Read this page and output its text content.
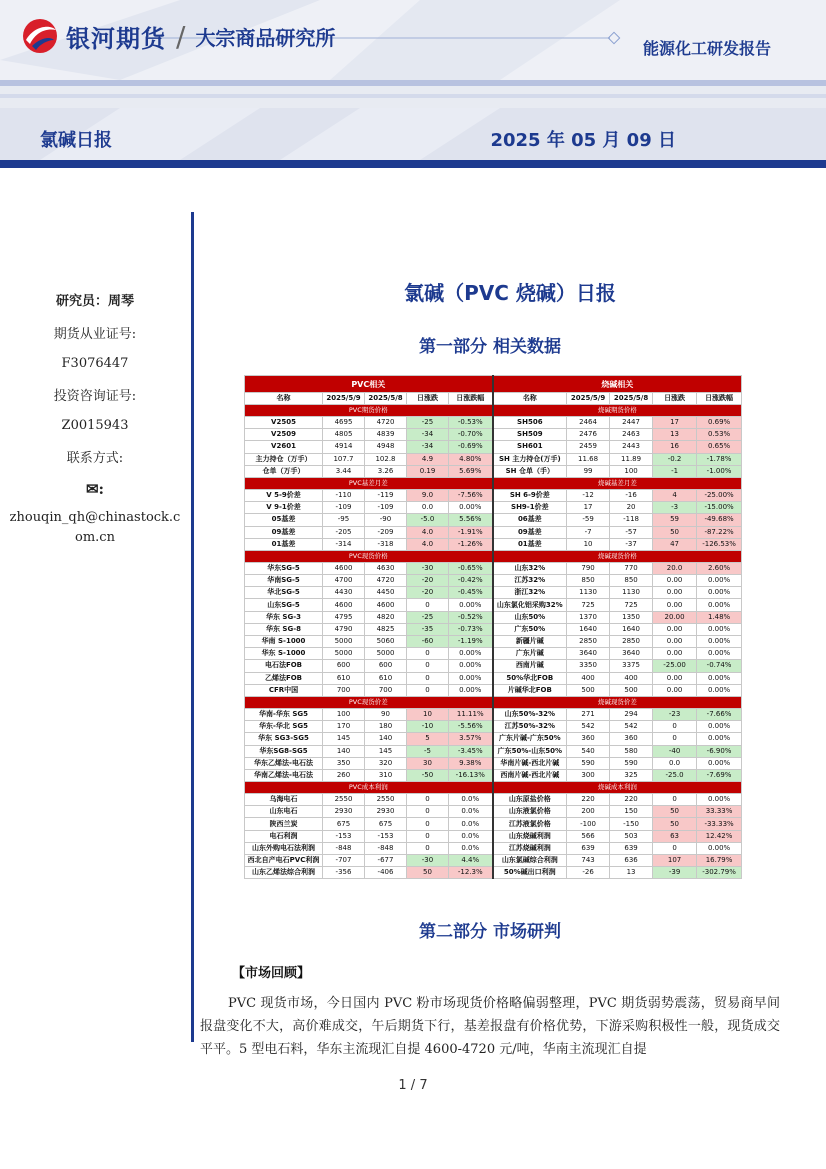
银河期货 / 大宗商品研究所	能源化工研发报告
氯碱日报	2025 年 05 月 09 日
研究员：周琴
期货从业证号:
F3076447
投资咨询证号:
Z0015943
联系方式:
✉:
zhouqin_qh@chinastock.com.cn
氯碱（PVC 烧碱）日报
第一部分 相关数据
PVC相关					烧碱相关				
名称	2025/5/9	2025/5/8	日涨跌	日涨跌幅	名称	2025/5/9	2025/5/8	日涨跌	日涨跌幅
PVC期货价格					烧碱期货价格				
V2505	4695	4720	-25	-0.53%	SH506	2464	2447	17	0.69%
V2509	4805	4839	-34	-0.70%	SH509	2476	2463	13	0.53%
V2601	4914	4948	-34	-0.69%	SH601	2459	2443	16	0.65%
主力持仓（万手）	107.7	102.8	4.9	4.80%	SH 主力持仓(万手)	11.68	11.89	-0.2	-1.78%
仓单（万手）	3.44	3.26	0.19	5.69%	SH 仓单（手）	99	100	-1	-1.00%
PVC基差月差					烧碱基差月差				
V 5-9价差	-110	-119	9.0	-7.56%	SH 6-9价差	-12	-16	4	-25.00%
V 9-1价差	-109	-109	0.0	0.00%	SH9-1价差	17	20	-3	-15.00%
05基差	-95	-90	-5.0	5.56%	06基差	-59	-118	59	-49.68%
09基差	-205	-209	4.0	-1.91%	09基差	-7	-57	50	-87.22%
01基差	-314	-318	4.0	-1.26%	01基差	10	-37	47	-126.53%
PVC现货价格					烧碱现货价格				
华东SG-5	4600	4630	-30	-0.65%	山东32%	790	770	20.0	2.60%
华南SG-5	4700	4720	-20	-0.42%	江苏32%	850	850	0.00	0.00%
华北SG-5	4430	4450	-20	-0.45%	浙江32%	1130	1130	0.00	0.00%
山东SG-5	4600	4600	0	0.00%	山东氯化铝采购32%	725	725	0.00	0.00%
华东 SG-3	4795	4820	-25	-0.52%	山东50%	1370	1350	20.00	1.48%
华东 SG-8	4790	4825	-35	-0.73%	广东50%	1640	1640	0.00	0.00%
华南 S-1000	5000	5060	-60	-1.19%	新疆片碱	2850	2850	0.00	0.00%
华东 S-1000	5000	5000	0	0.00%	广东片碱	3640	3640	0.00	0.00%
电石法FOB	600	600	0	0.00%	西南片碱	3350	3375	-25.00	-0.74%
乙烯法FOB	610	610	0	0.00%	50%华北FOB	400	400	0.00	0.00%
CFR中国	700	700	0	0.00%	片碱华北FOB	500	500	0.00	0.00%
PVC现货价差					烧碱现货价差				
华南-华东 SG5	100	90	10	11.11%	山东50%-32%	271	294	-23	-7.66%
华东-华北 SG5	170	180	-10	-5.56%	江苏50%-32%	542	542	0	0.00%
华东 SG3-SG5	145	140	5	3.57%	广东片碱-广东50%	360	360	0	0.00%
华东SG8-SG5	140	145	-5	-3.45%	广东50%-山东50%	540	580	-40	-6.90%
华东乙烯法-电石法	350	320	30	9.38%	华南片碱-西北片碱	590	590	0.0	0.00%
华南乙烯法-电石法	260	310	-50	-16.13%	西南片碱-西北片碱	300	325	-25.0	-7.69%
PVC成本利润					烧碱成本利润				
乌海电石	2550	2550	0	0.0%	山东原盐价格	220	220	0	0.00%
山东电石	2930	2930	0	0.0%	山东液氯价格	200	150	50	33.33%
陕西兰炭	675	675	0	0.0%	江苏液氯价格	-100	-150	50	-33.33%
电石利润	-153	-153	0	0.0%	山东烧碱利润	566	503	63	12.42%
山东外购电石法利润	-848	-848	0	0.0%	江苏烧碱利润	639	639	0	0.00%
西北自产电石PVC利润	-707	-677	-30	4.4%	山东氯碱综合利润	743	636	107	16.79%
山东乙烯法综合利润	-356	-406	50	-12.3%	50%碱出口利润	-26	13	-39	-302.79%
第二部分 市场研判
【市场回顾】
PVC 现货市场，今日国内 PVC 粉市场现货价格略偏弱整理，PVC 期货弱势震荡，贸易商早间报盘变化不大，高价难成交，午后期货下行，基差报盘有价格优势，下游采购积极性一般，现货成交平平。5 型电石料，华东主流现汇自提 4600-4720 元/吨，华南主流现汇自提
1 / 7
